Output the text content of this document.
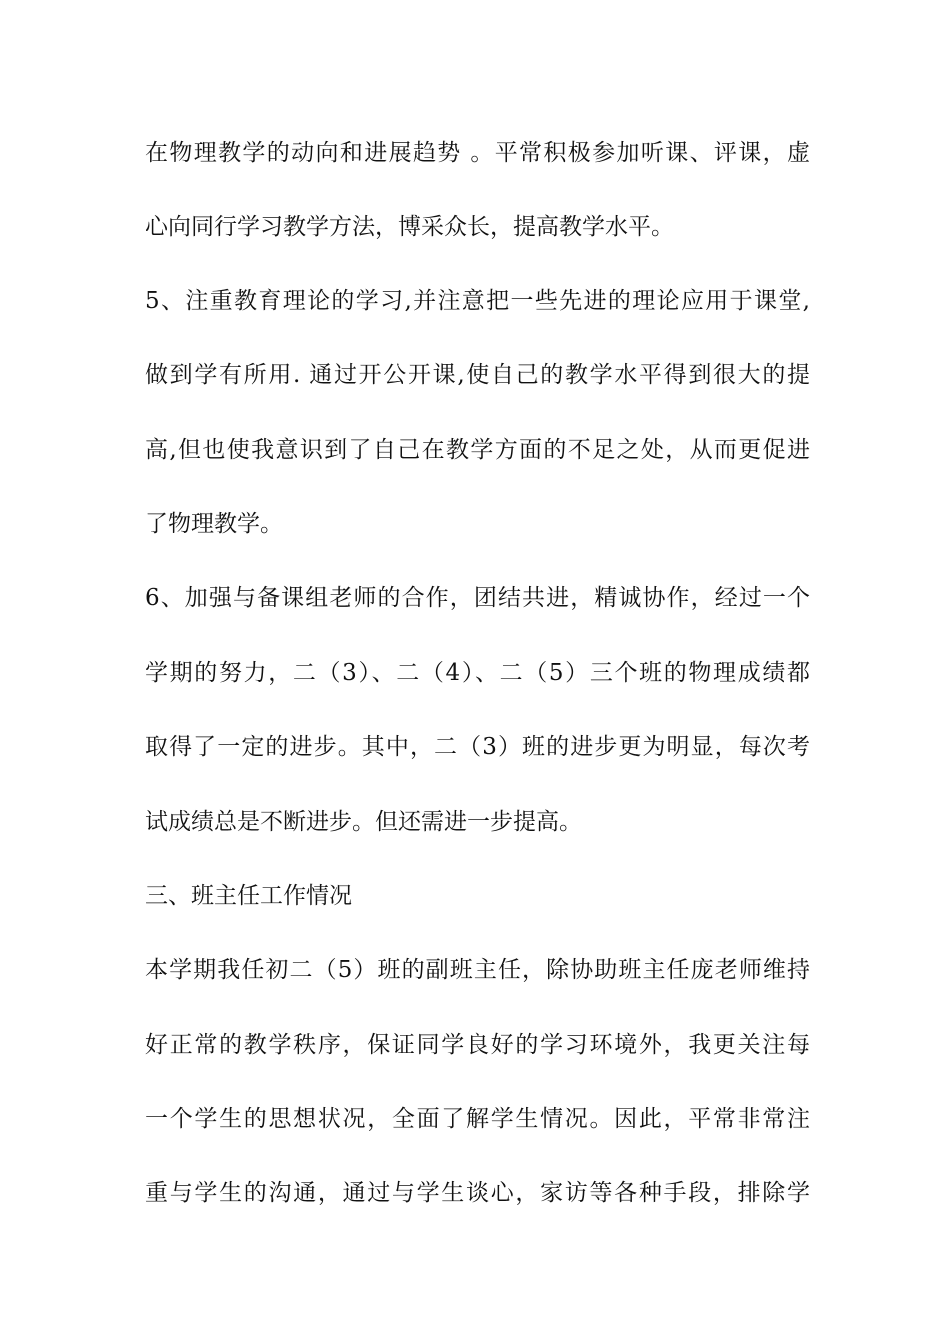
在物理教学的动向和进展趋势 。平常积极参加听课、评课，虚
心向同行学习教学方法，博采众长，提高教学水平。
5、注重教育理论的学习,并注意把一些先进的理论应用于课堂,
做到学有所用. 通过开公开课,使自己的教学水平得到很大的提
高,但也使我意识到了自己在教学方面的不足之处，从而更促进
了物理教学。
6、加强与备课组老师的合作，团结共进，精诚协作，经过一个
学期的努力，二（3）、二（4）、二（5）三个班的物理成绩都
取得了一定的进步。其中，二（3）班的进步更为明显，每次考
试成绩总是不断进步。但还需进一步提高。
三、班主任工作情况
本学期我任初二（5）班的副班主任，除协助班主任庞老师维持
好正常的教学秩序，保证同学良好的学习环境外，我更关注每
一个学生的思想状况，全面了解学生情况。因此，平常非常注
重与学生的沟通，通过与学生谈心，家访等各种手段，排除学
